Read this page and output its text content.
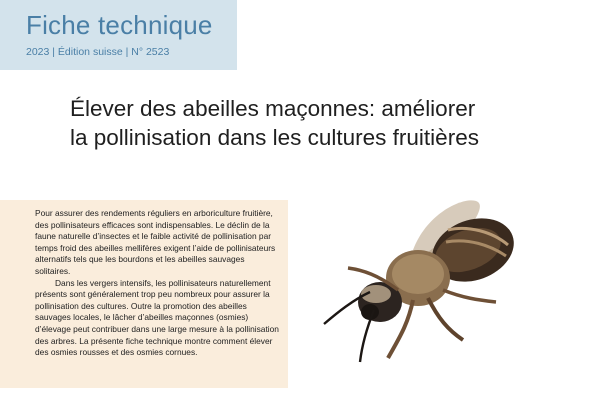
Fiche technique
2023 | Édition suisse | N° 2523
Élever des abeilles maçonnes: améliorer
la pollinisation dans les cultures fruitières

Pour assurer des rendements réguliers en arboriculture fruitière, des pollinisateurs efficaces sont indispensables. Le déclin de la faune naturelle d’insectes et le faible activité de pollinisation par temps froid des abeilles mellifères exigent l’aide de pollinisateurs alternatifs tels que les bourdons et les abeilles sauvages solitaires.

Dans les vergers intensifs, les pollinisateurs naturellement présents sont généralement trop peu nombreux pour assurer la pollinisation des cultures. Outre la promotion des abeilles sauvages locales, le lâcher d’abeilles maçonnes (osmies) d’élevage peut contribuer dans une large mesure à la pollinisation des arbres. La présente fiche technique montre comment élever des osmies rousses et des osmies cornues.
